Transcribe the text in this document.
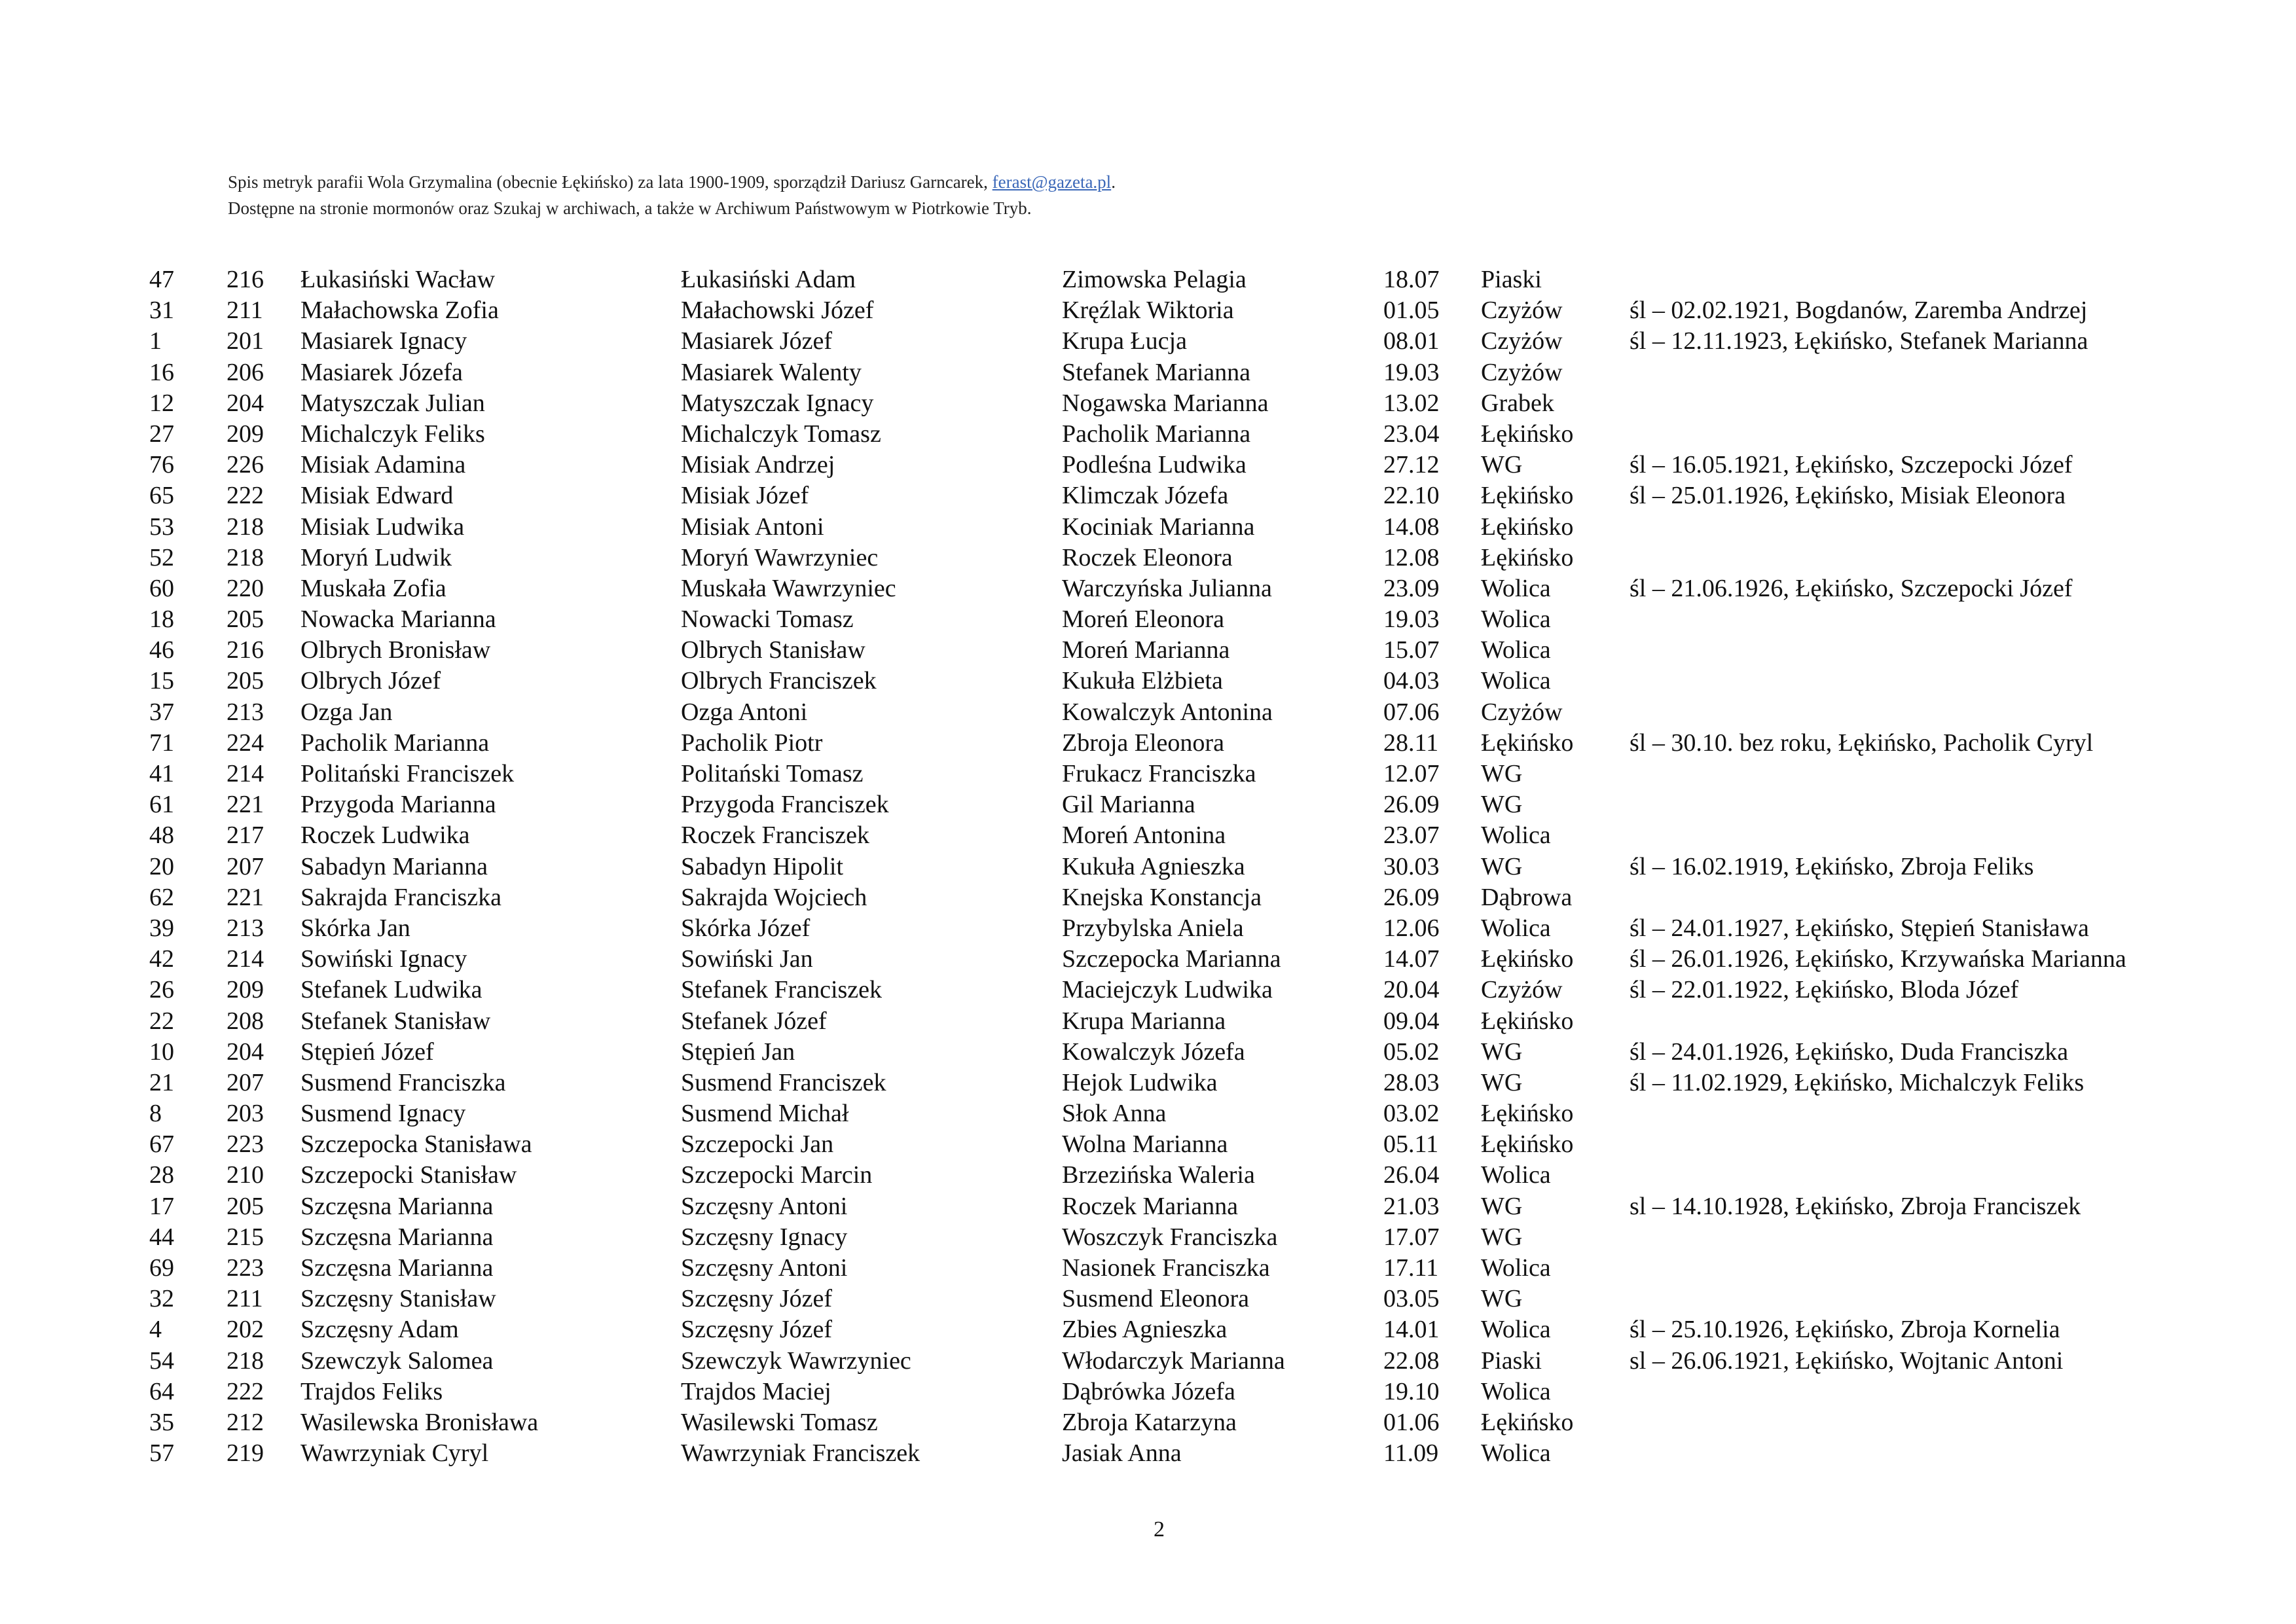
Spis metryk parafii Wola Grzymalina (obecnie Łękińsko) za lata 1900-1909, sporządził Dariusz Garncarek, ferast@gazeta.pl.
Dostępne na stronie mormonów oraz Szukaj w archiwach, a także w Archiwum Państwowym w Piotrkowie Tryb.
47 216 Łukasiński Wacław	Łukasiński Adam	Zimowska Pelagia	18.07 Piaski
31 211 Małachowska Zofia	Małachowski Józef	Kręźlak Wiktoria	01.05 Czyżów	śl – 02.02.1921, Bogdanów, Zaremba Andrzej
1	201 Masiarek Ignacy	Masiarek Józef	Krupa Łucja	08.01 Czyżów	śl – 12.11.1923, Łękińsko, Stefanek Marianna
16 206 Masiarek Józefa	Masiarek Walenty	Stefanek Marianna	19.03 Czyżów
12 204 Matyszczak Julian	Matyszczak Ignacy	Nogawska Marianna	13.02 Grabek
27 209 Michalczyk Feliks	Michalczyk Tomasz	Pacholik Marianna	23.04 Łękińsko
76 226 Misiak Adamina	Misiak Andrzej	Podleśna Ludwika	27.12 WG	śl – 16.05.1921, Łękińsko, Szczepocki Józef
65 222 Misiak Edward	Misiak Józef	Klimczak Józefa	22.10 Łękińsko śl – 25.01.1926, Łękińsko, Misiak Eleonora
53 218 Misiak Ludwika	Misiak Antoni	Kociniak Marianna	14.08 Łękińsko
52 218 Moryń Ludwik	Moryń Wawrzyniec	Roczek Eleonora	12.08 Łękińsko
60 220 Muskała Zofia	Muskała Wawrzyniec	Warczyńska Julianna	23.09 Wolica	śl – 21.06.1926, Łękińsko, Szczepocki Józef
18 205 Nowacka Marianna	Nowacki Tomasz	Moreń Eleonora	19.03 Wolica
46 216 Olbrych Bronisław	Olbrych Stanisław	Moreń Marianna	15.07 Wolica
15 205 Olbrych Józef	Olbrych Franciszek	Kukuła Elżbieta	04.03 Wolica
37 213 Ozga Jan	Ozga Antoni	Kowalczyk Antonina	07.06 Czyżów
71 224 Pacholik Marianna	Pacholik Piotr	Zbroja Eleonora	28.11 Łękińsko śl – 30.10. bez roku, Łękińsko, Pacholik Cyryl
41 214 Politański Franciszek	Politański Tomasz	Frukacz Franciszka	12.07 WG
61 221 Przygoda Marianna	Przygoda Franciszek	Gil Marianna	26.09 WG
48 217 Roczek Ludwika	Roczek Franciszek	Moreń Antonina	23.07 Wolica
20 207 Sabadyn Marianna	Sabadyn Hipolit	Kukuła Agnieszka	30.03 WG	śl – 16.02.1919, Łękińsko, Zbroja Feliks
62 221 Sakrajda Franciszka	Sakrajda Wojciech	Knejska Konstancja	26.09 Dąbrowa
39 213 Skórka Jan	Skórka Józef	Przybylska Aniela	12.06 Wolica	śl – 24.01.1927, Łękińsko, Stępień Stanisława
42 214 Sowiński Ignacy	Sowiński Jan	Szczepocka Marianna	14.07 Łękińsko śl – 26.01.1926, Łękińsko, Krzywańska Marianna
26 209 Stefanek Ludwika	Stefanek Franciszek	Maciejczyk Ludwika	20.04 Czyżów	śl – 22.01.1922, Łękińsko, Bloda Józef
22 208 Stefanek Stanisław	Stefanek Józef	Krupa Marianna	09.04 Łękińsko
10 204 Stępień Józef	Stępień Jan	Kowalczyk Józefa	05.02 WG	śl – 24.01.1926, Łękińsko, Duda Franciszka
21 207 Susmend Franciszka	Susmend Franciszek	Hejok Ludwika	28.03 WG	śl – 11.02.1929, Łękińsko, Michalczyk Feliks
8	203 Susmend Ignacy	Susmend Michał	Słok Anna	03.02 Łękińsko
67 223 Szczepocka Stanisława	Szczepocki Jan	Wolna Marianna	05.11 Łękińsko
28 210 Szczepocki Stanisław	Szczepocki Marcin	Brzezińska Waleria	26.04 Wolica
17 205 Szczęsna Marianna	Szczęsny Antoni	Roczek Marianna	21.03 WG	sl – 14.10.1928, Łękińsko, Zbroja Franciszek
44 215 Szczęsna Marianna	Szczęsny Ignacy	Woszczyk Franciszka	17.07 WG
69 223 Szczęsna Marianna	Szczęsny Antoni	Nasionek Franciszka	17.11 Wolica
32 211 Szczęsny Stanisław	Szczęsny Józef	Susmend Eleonora	03.05 WG
4	202 Szczęsny Adam	Szczęsny Józef	Zbies Agnieszka	14.01 Wolica	śl – 25.10.1926, Łękińsko, Zbroja Kornelia
54 218 Szewczyk Salomea	Szewczyk Wawrzyniec	Włodarczyk Marianna	22.08 Piaski	sl – 26.06.1921, Łękińsko, Wojtanic Antoni
64 222 Trajdos Feliks	Trajdos Maciej	Dąbrówka Józefa	19.10 Wolica
35 212 Wasilewska Bronisława	Wasilewski Tomasz	Zbroja Katarzyna	01.06 Łękińsko
57 219 Wawrzyniak Cyryl	Wawrzyniak Franciszek	Jasiak Anna	11.09 Wolica
2
